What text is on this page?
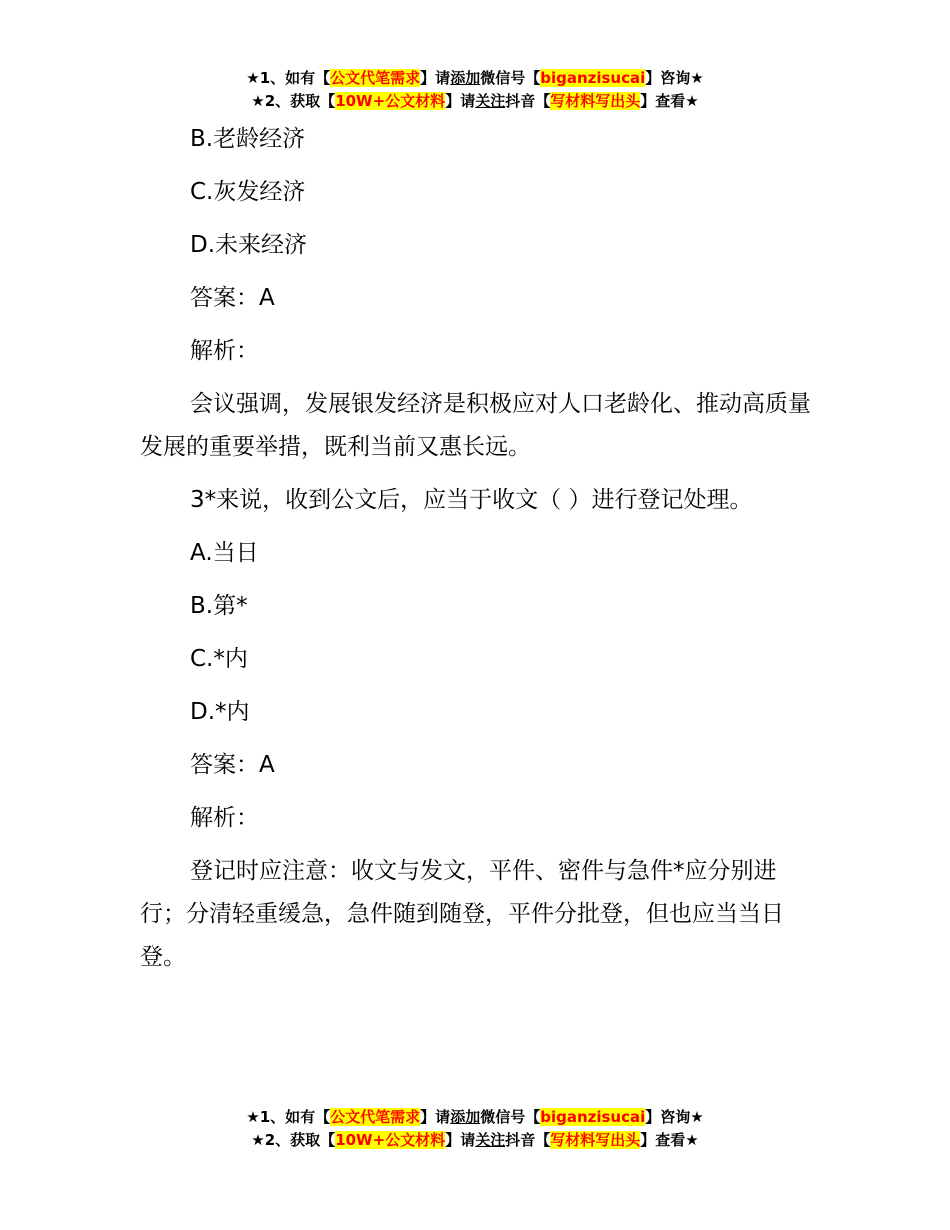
★1、如有【公文代笔需求】请添加微信号【biganzisucai】咨询★
★2、获取【10W+公文材料】请关注抖音【写材料写出头】查看★

B.老龄经济

C.灰发经济

D.未来经济

答案：A

解析：

会议强调，发展银发经济是积极应对人口老龄化、推动高质量发展的重要举措，既利当前又惠长远。

3*来说，收到公文后，应当于收文（ ）进行登记处理。

A.当日

B.第*

C.*内

D.*内

答案：A

解析：

登记时应注意：收文与发文，平件、密件与急件*应分别进行；分清轻重缓急，急件随到随登，平件分批登，但也应当当日登。

★1、如有【公文代笔需求】请添加微信号【biganzisucai】咨询★
★2、获取【10W+公文材料】请关注抖音【写材料写出头】查看★
